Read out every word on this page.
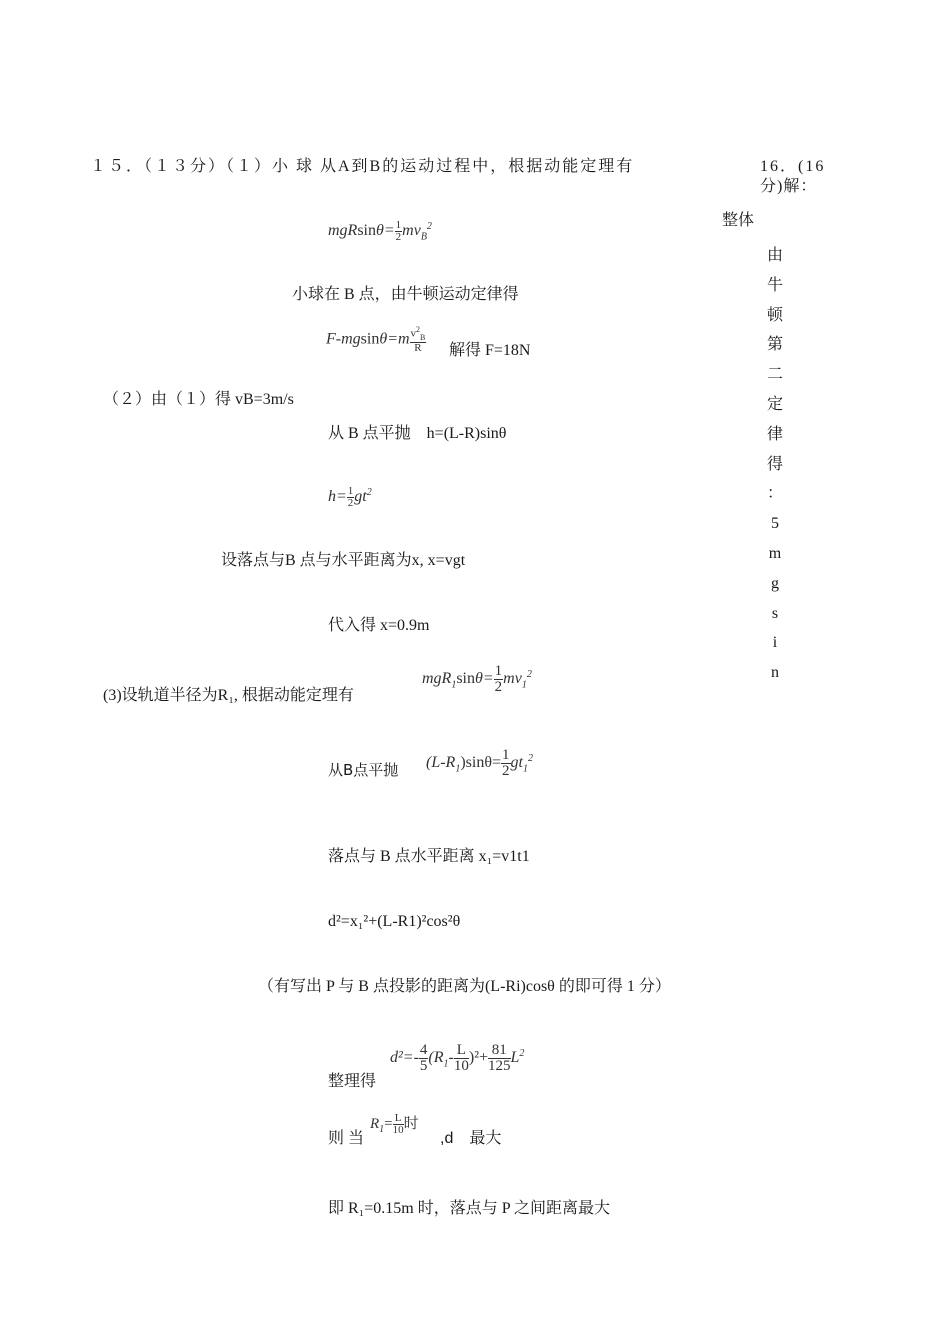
１５．（１３分）（１）小 球 从A到B的运动过程中，根据动能定理有
$mgRsin\theta= \frac{1}{2} mv_B^2$
小球在 B 点，由牛顿运动定律得
$F-mgsin\theta=m \frac{v^2_B}{R}$ 解得 F=18N
（２）由（１）得 vB=3m/s
从 B 点平抛　h=(L-R)sinθ
$h= \frac{1}{2} gt^2$
设落点与B 点与水平距离为x, x=vgt
代入得 x=0.9m
(3)设轨道半径为R₁, 根据动能定理有
$mgR_1\sin\theta= \frac{1}{2} mv_1^2$
从B点平抛 $(L-R_1)\sin\theta= \frac{1}{2} gt_1^2$
落点与 B 点水平距离 x₁=v1t1
d²=x₁²+(L-R1)²cos²θ
（有写出 P 与 B 点投影的距离为(L-Ri)cosθ 的即可得 1 分）
整理得
$d^2=- \frac{4}{5} (R_1- \frac{L}{10} )^2+ \frac{81}{125} L^2$
则 当
$R_1= \frac{L}{10}$ 时
,d　最大
即 R₁=0.15m 时，落点与 P 之间距离最大
16．(16
分)解：
整体
由
牛
顿
第
二
定
律
得
：
5
m
g
s
i
n
